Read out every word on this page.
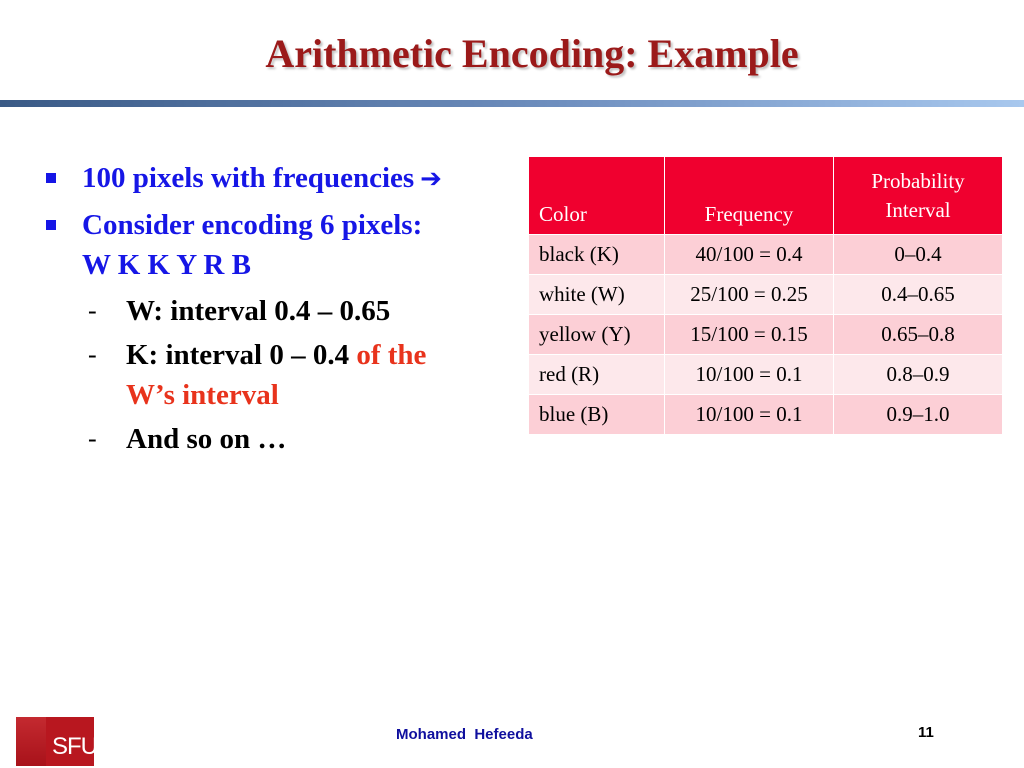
Arithmetic Encoding: Example
100 pixels with frequencies ➔
Consider encoding 6 pixels:
W K K Y R B
- W: interval 0.4 – 0.65
- K: interval 0 – 0.4 of the
W’s interval
- And so on …
Color	Frequency	Probability
Interval
black (K)	40/100 = 0.4	0–0.4
white (W)	25/100 = 0.25	0.4–0.65
yellow (Y)	15/100 = 0.15	0.65–0.8
red (R)	10/100 = 0.1	0.8–0.9
blue (B)	10/100 = 0.1	0.9–1.0
SFU	Mohamed  Hefeeda	11
